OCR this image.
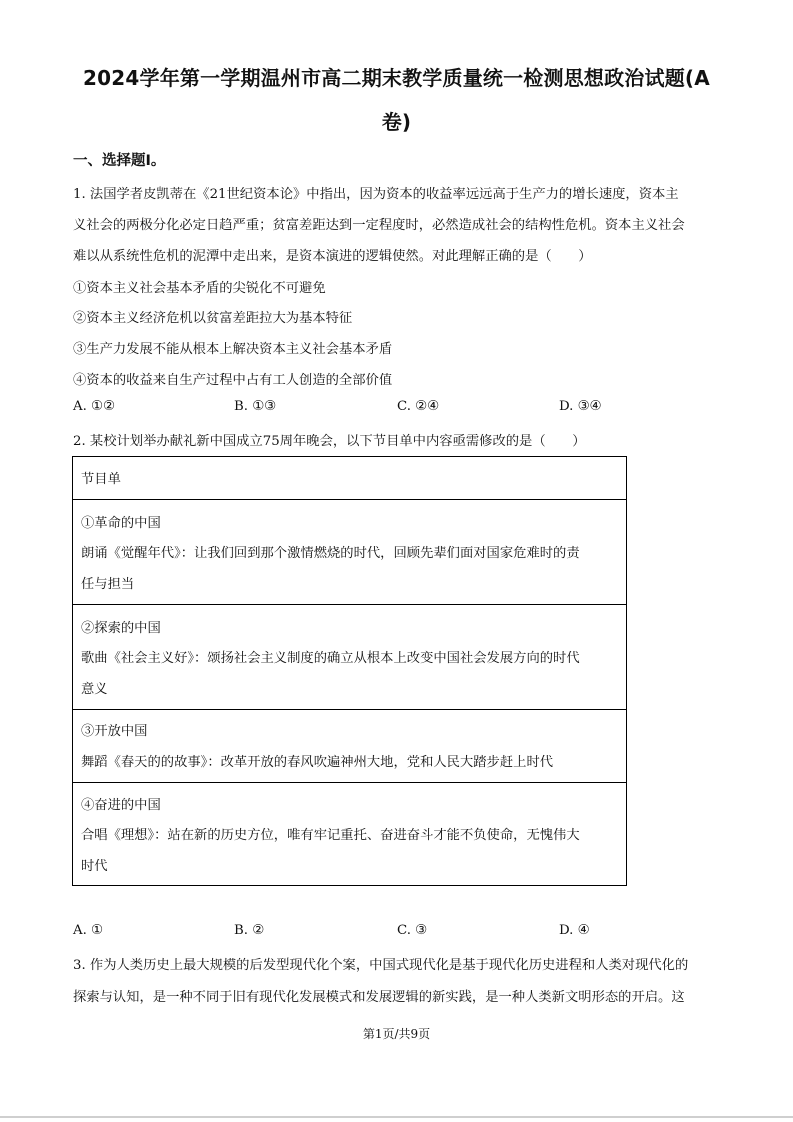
2024学年第一学期温州市高二期末教学质量统一检测思想政治试题(A
卷)
一、选择题Ⅰ。
1. 法国学者皮凯蒂在《21世纪资本论》中指出，因为资本的收益率远远高于生产力的增长速度，资本主
义社会的两极分化必定日趋严重；贫富差距达到一定程度时，必然造成社会的结构性危机。资本主义社会
难以从系统性危机的泥潭中走出来，是资本演进的逻辑使然。对此理解正确的是（　　）
①资本主义社会基本矛盾的尖锐化不可避免
②资本主义经济危机以贫富差距拉大为基本特征
③生产力发展不能从根本上解决资本主义社会基本矛盾
④资本的收益来自生产过程中占有工人创造的全部价值
A. ①②	B. ①③	C. ②④	D. ③④
2. 某校计划举办献礼新中国成立75周年晚会，以下节目单中内容亟需修改的是（　　）
节目单
①革命的中国
朗诵《觉醒年代》：让我们回到那个激情燃烧的时代，回顾先辈们面对国家危难时的责
任与担当
②探索的中国
歌曲《社会主义好》：颂扬社会主义制度的确立从根本上改变中国社会发展方向的时代
意义
③开放中国
舞蹈《春天的的故事》：改革开放的春风吹遍神州大地，党和人民大踏步赶上时代
④奋进的中国
合唱《理想》：站在新的历史方位，唯有牢记重托、奋进奋斗才能不负使命，无愧伟大
时代
A. ①	B. ②	C. ③	D. ④
3. 作为人类历史上最大规模的后发型现代化个案，中国式现代化是基于现代化历史进程和人类对现代化的
探索与认知，是一种不同于旧有现代化发展模式和发展逻辑的新实践，是一种人类新文明形态的开启。这
第1页/共9页
